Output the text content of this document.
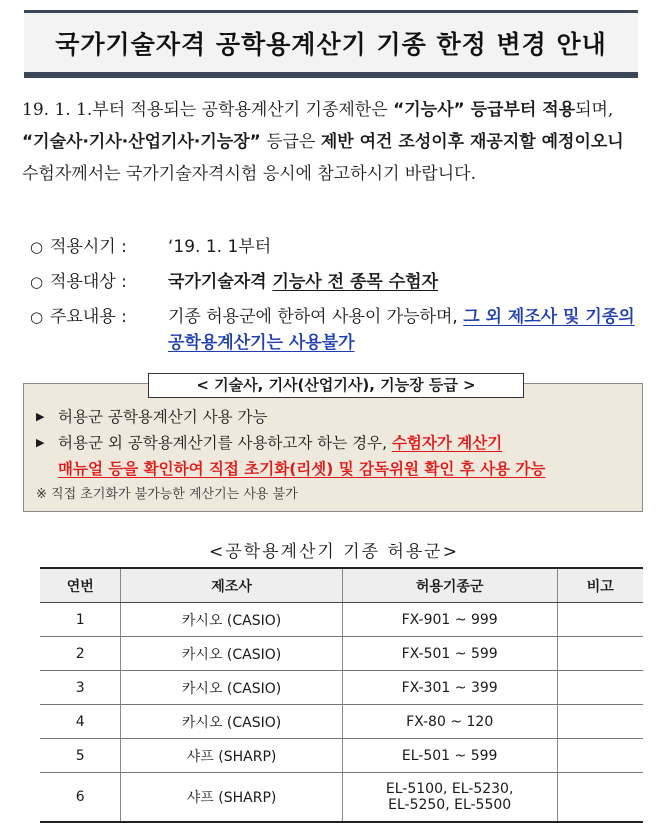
국가기술자격 공학용계산기 기종 한정 변경 안내
19. 1. 1.부터 적용되는 공학용계산기 기종제한은 “기능사” 등급부터 적용되며, “기술사·기사·산업기사·기능장” 등급은 제반 여건 조성이후 재공지할 예정이오니 수험자께서는 국가기술자격시험 응시에 참고하시기 바랍니다.
○ 적용시기 :	‘19. 1. 1부터
○ 적용대상 :	국가기술자격 기능사 전 종목 수험자
○ 주요내용 :	기종 허용군에 한하여 사용이 가능하며, 그 외 제조사 및 기종의 공학용계산기는 사용불가
< 기술사, 기사(산업기사), 기능장 등급 >
▶ 허용군 공학용계산기 사용 가능
▶ 허용군 외 공학용계산기를 사용하고자 하는 경우, 수험자가 계산기
매뉴얼 등을 확인하여 직접 초기화(리셋) 및 감독위원 확인 후 사용 가능
※ 직접 초기화가 불가능한 계산기는 사용 불가
<공학용계산기 기종 허용군>
연번	제조사	허용기종군	비고
1	카시오 (CASIO)	FX-901 ~ 999	
2	카시오 (CASIO)	FX-501 ~ 599	
3	카시오 (CASIO)	FX-301 ~ 399	
4	카시오 (CASIO)	FX-80 ~ 120	
5	샤프 (SHARP)	EL-501 ~ 599	
6	샤프 (SHARP)	EL-5100, EL-5230,
EL-5250, EL-5500	
